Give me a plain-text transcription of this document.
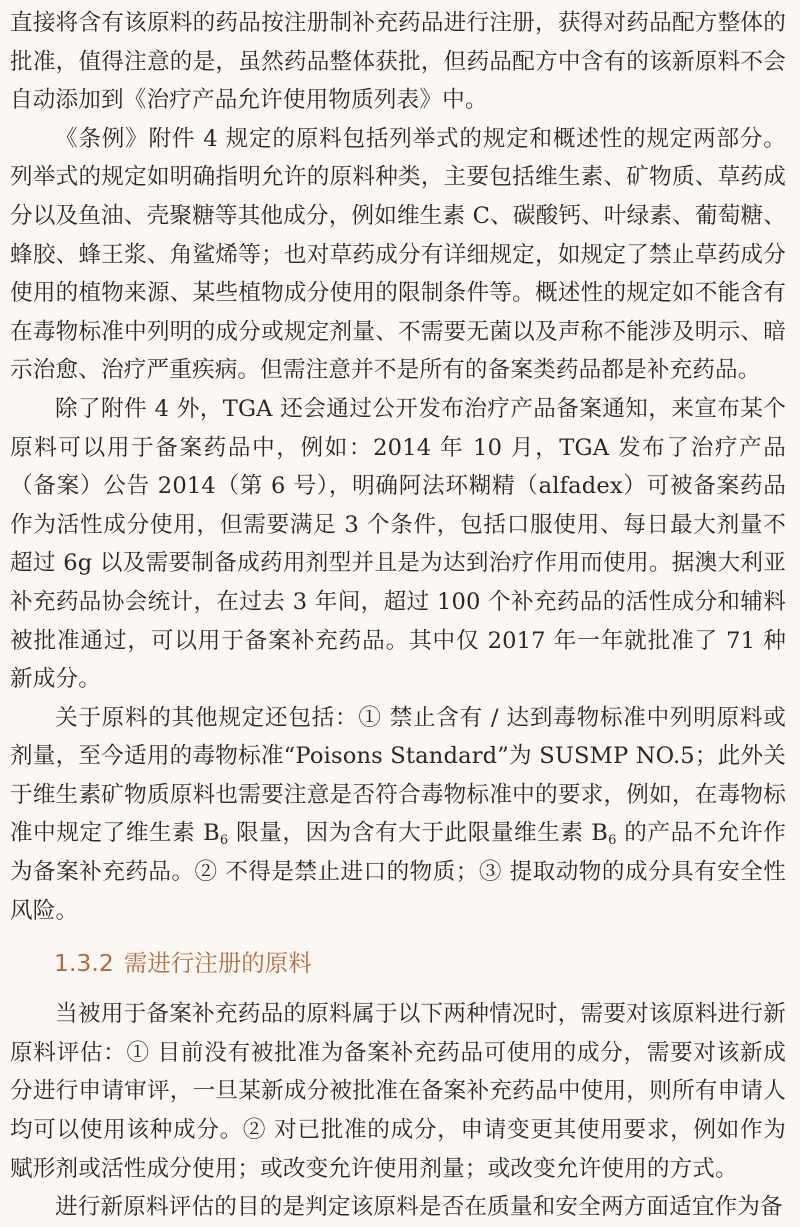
直接将含有该原料的药品按注册制补充药品进行注册，获得对药品配方整体的批准，值得注意的是，虽然药品整体获批，但药品配方中含有的该新原料不会自动添加到《治疗产品允许使用物质列表》中。

《条例》附件 4 规定的原料包括列举式的规定和概述性的规定两部分。列举式的规定如明确指明允许的原料种类，主要包括维生素、矿物质、草药成分以及鱼油、壳聚糖等其他成分，例如维生素 C、碳酸钙、叶绿素、葡萄糖、蜂胶、蜂王浆、角鲨烯等；也对草药成分有详细规定，如规定了禁止草药成分使用的植物来源、某些植物成分使用的限制条件等。概述性的规定如不能含有在毒物标准中列明的成分或规定剂量、不需要无菌以及声称不能涉及明示、暗示治愈、治疗严重疾病。但需注意并不是所有的备案类药品都是补充药品。

除了附件 4 外，TGA 还会通过公开发布治疗产品备案通知，来宣布某个原料可以用于备案药品中，例如：2014 年 10 月，TGA 发布了治疗产品（备案）公告 2014（第 6 号），明确阿法环糊精（alfadex）可被备案药品作为活性成分使用，但需要满足 3 个条件，包括口服使用、每日最大剂量不超过 6g 以及需要制备成药用剂型并且是为达到治疗作用而使用。据澳大利亚补充药品协会统计，在过去 3 年间，超过 100 个补充药品的活性成分和辅料被批准通过，可以用于备案补充药品。其中仅 2017 年一年就批准了 71 种新成分。

关于原料的其他规定还包括：① 禁止含有 / 达到毒物标准中列明原料或剂量，至今适用的毒物标准“Poisons Standard”为 SUSMP NO.5；此外关于维生素矿物质原料也需要注意是否符合毒物标准中的要求，例如，在毒物标准中规定了维生素 $B_6$ 限量，因为含有大于此限量维生素 $B_6$ 的产品不允许作为备案补充药品。② 不得是禁止进口的物质；③ 提取动物的成分具有安全性风险。

1.3.2 需进行注册的原料

当被用于备案补充药品的原料属于以下两种情况时，需要对该原料进行新原料评估：① 目前没有被批准为备案补充药品可使用的成分，需要对该新成分进行申请审评，一旦某新成分被批准在备案补充药品中使用，则所有申请人均可以使用该种成分。② 对已批准的成分，申请变更其使用要求，例如作为赋形剂或活性成分使用；或改变允许使用剂量；或改变允许使用的方式。

进行新原料评估的目的是判定该原料是否在质量和安全两方面适宜作为备
